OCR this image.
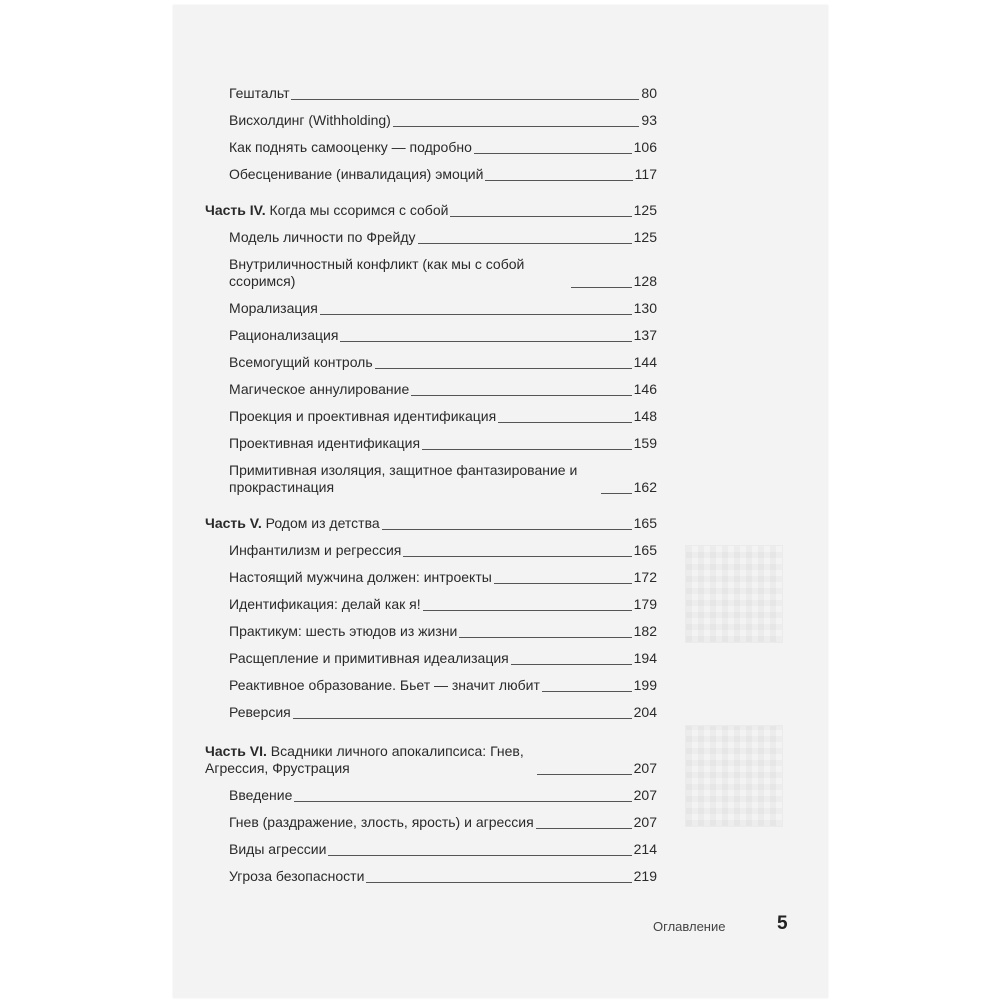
Гештальт	80
Висхолдинг (Withholding)	93
Как поднять самооценку — подробно	106
Обесценивание (инвалидация) эмоций	117
Часть IV. Когда мы ссоримся с собой	125
Модель личности по Фрейду	125
Внутриличностный конфликт (как мы с собой ссоримся)	128
Морализация	130
Рационализация	137
Всемогущий контроль	144
Магическое аннулирование	146
Проекция и проективная идентификация	148
Проективная идентификация	159
Примитивная изоляция, защитное фантазирование и прокрастинация	162
Часть V. Родом из детства	165
Инфантилизм и регрессия	165
Настоящий мужчина должен: интроекты	172
Идентификация: делай как я!	179
Практикум: шесть этюдов из жизни	182
Расщепление и примитивная идеализация	194
Реактивное образование. Бьет — значит любит	199
Реверсия	204
Часть VI. Всадники личного апокалипсиса: Гнев, Агрессия, Фрустрация	207
Введение	207
Гнев (раздражение, злость, ярость) и агрессия	207
Виды агрессии	214
Угроза безопасности	219
Оглавление	5
